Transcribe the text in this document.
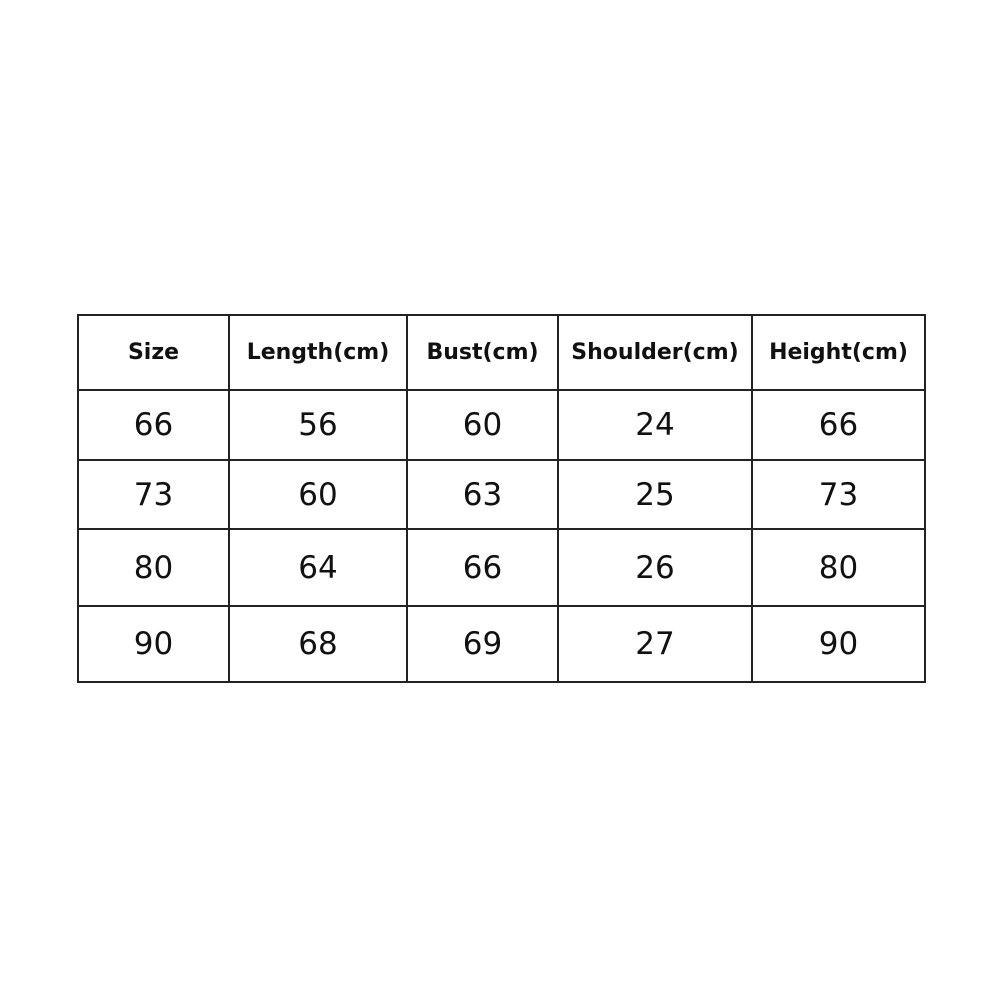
Size	Length(cm)	Bust(cm)	Shoulder(cm)	Height(cm)
66	56	60	24	66
73	60	63	25	73
80	64	66	26	80
90	68	69	27	90
